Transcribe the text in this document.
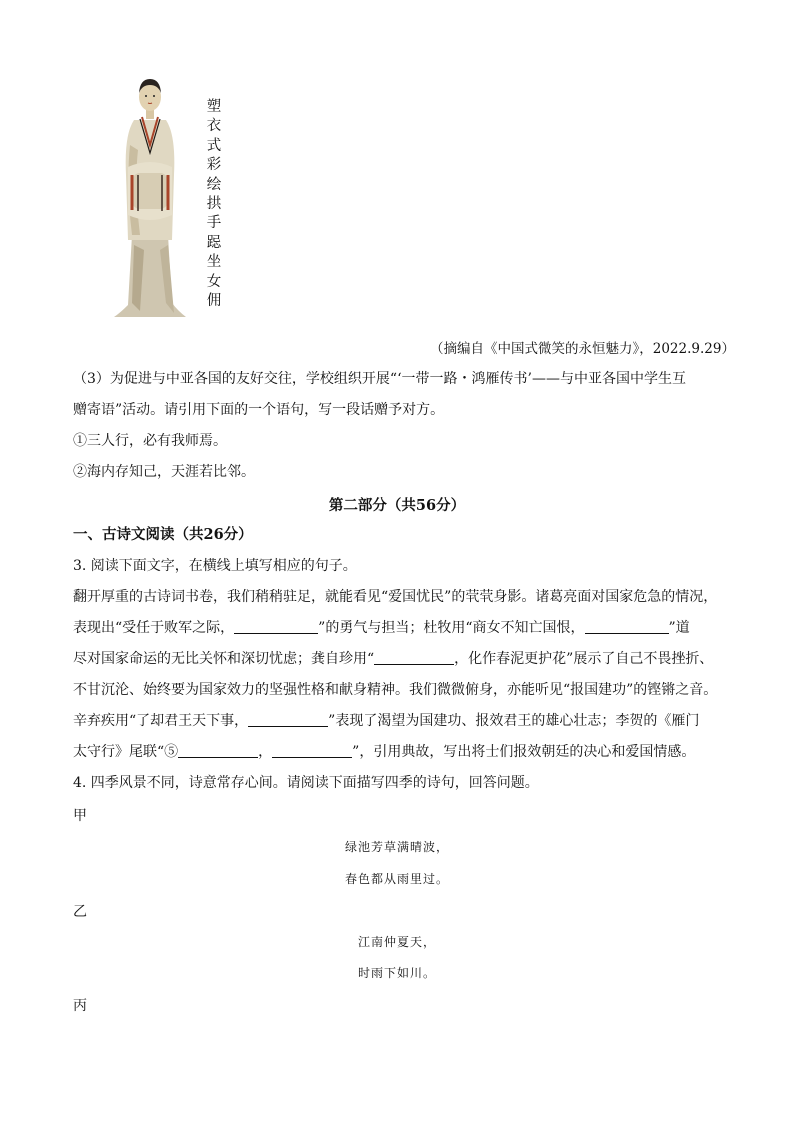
塑衣式彩绘拱手跽坐女佣
（摘编自《中国式微笑的永恒魅力》，2022.9.29）
（3）为促进与中亚各国的友好交往，学校组织开展“‘一带一路・鸿雁传书’——与中亚各国中学生互
赠寄语”活动。请引用下面的一个语句，写一段话赠予对方。
①三人行，必有我师焉。
②海内存知己，天涯若比邻。
第二部分（共56分）
一、古诗文阅读（共26分）
3. 阅读下面文字，在横线上填写相应的句子。
翻开厚重的古诗词书卷，我们稍稍驻足，就能看见“爱国忧民”的茕茕身影。诸葛亮面对国家危急的情况，
表现出“受任于败军之际，	”的勇气与担当；杜牧用“商女不知亡国恨，	”道
尽对国家命运的无比关怀和深切忧虑；龚自珍用“	，化作春泥更护花”展示了自己不畏挫折、
不甘沉沦、始终要为国家效力的坚强性格和献身精神。我们微微俯身，亦能听见“报国建功”的铿锵之音。
辛弃疾用“了却君王天下事，	”表现了渴望为国建功、报效君王的雄心壮志；李贺的《雁门
太守行》尾联“⑤	，	”，引用典故，写出将士们报效朝廷的决心和爱国情感。
4. 四季风景不同，诗意常存心间。请阅读下面描写四季的诗句，回答问题。
甲
绿池芳草满晴波，
春色都从雨里过。
乙
江南仲夏天，
时雨下如川。
丙
